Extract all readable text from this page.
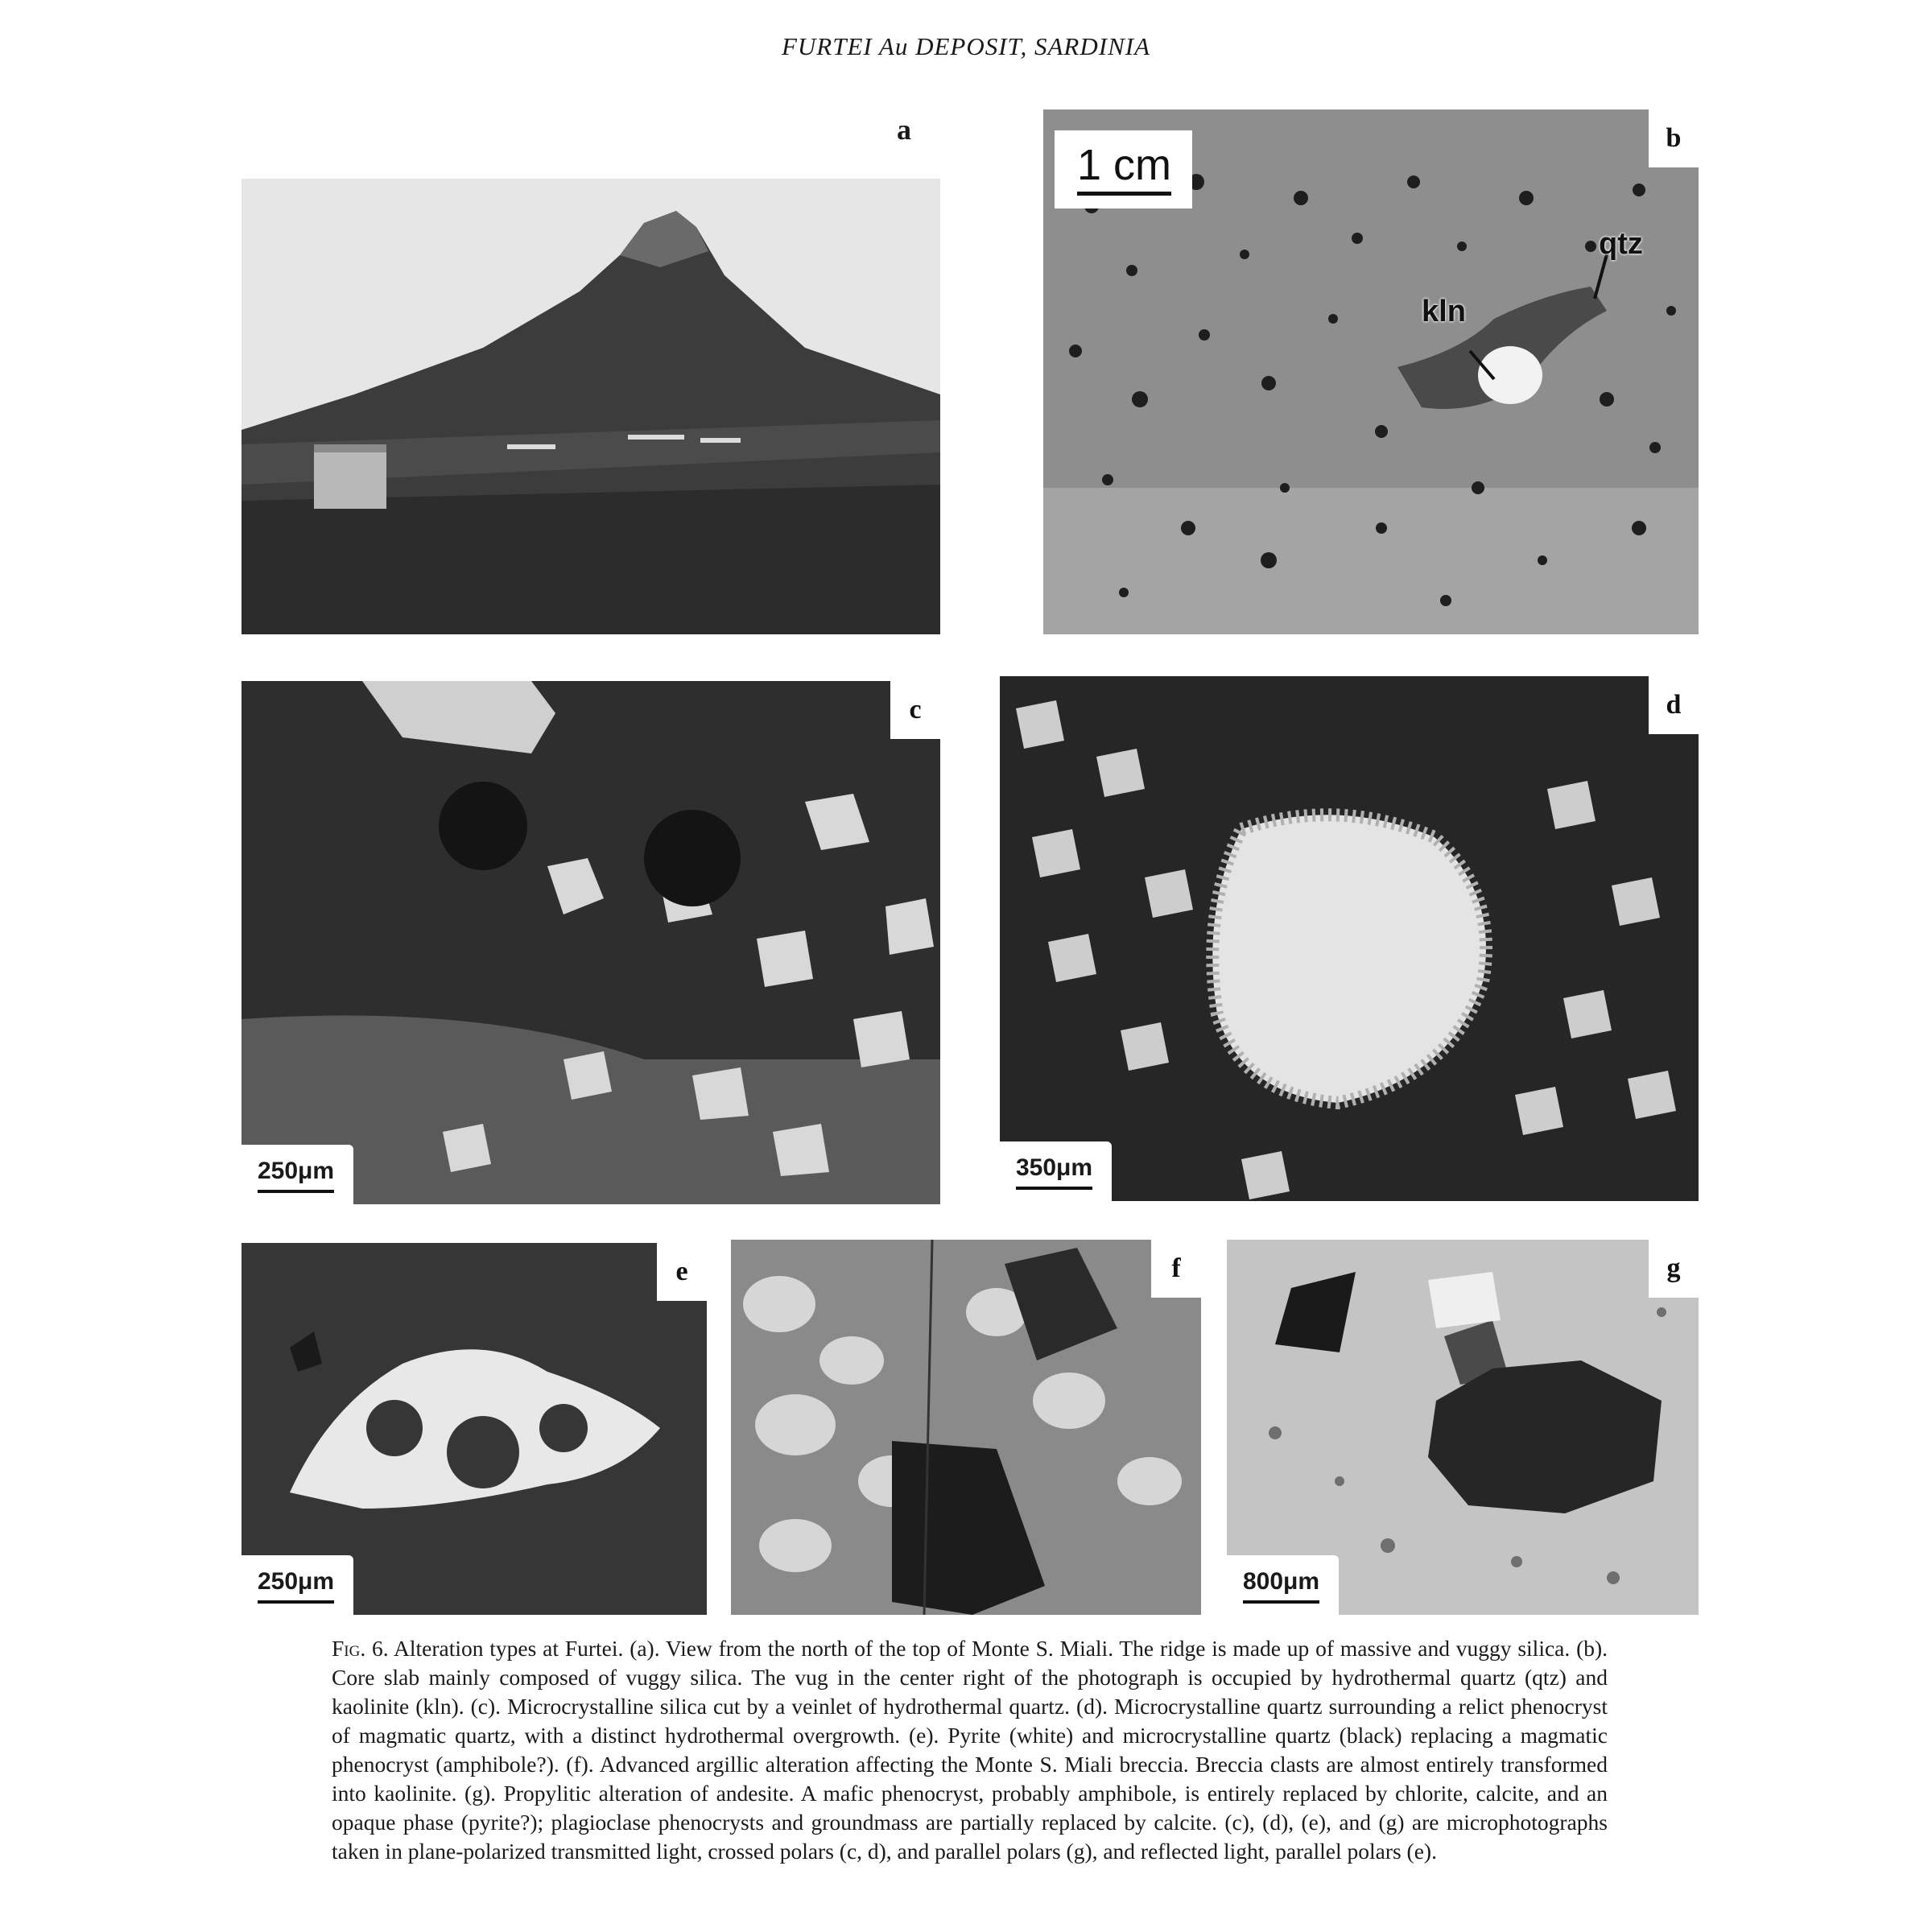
FURTEI Au DEPOSIT, SARDINIA
a
1 cm
qtz
kln
b
c
250μm
d
350μm
e
250μm
f	g
800μm
Fig. 6. Alteration types at Furtei. (a). View from the north of the top of Monte S. Miali. The ridge is made up of massive and vuggy silica. (b). Core slab mainly composed of vuggy silica. The vug in the center right of the photograph is occupied by hydrothermal quartz (qtz) and kaolinite (kln). (c). Microcrystalline silica cut by a veinlet of hydrothermal quartz. (d). Microcrystalline quartz surrounding a relict phenocryst of magmatic quartz, with a distinct hydrothermal overgrowth. (e). Pyrite (white) and microcrystalline quartz (black) replacing a magmatic phenocryst (amphibole?). (f). Advanced argillic alteration affecting the Monte S. Miali breccia. Breccia clasts are almost entirely transformed into kaolinite. (g). Propylitic alteration of andesite. A mafic phenocryst, probably amphibole, is entirely replaced by chlorite, calcite, and an opaque phase (pyrite?); plagioclase phenocrysts and groundmass are partially replaced by calcite. (c), (d), (e), and (g) are microphotographs taken in plane-polarized transmitted light, crossed polars (c, d), and parallel polars (g), and reflected light, parallel polars (e).
